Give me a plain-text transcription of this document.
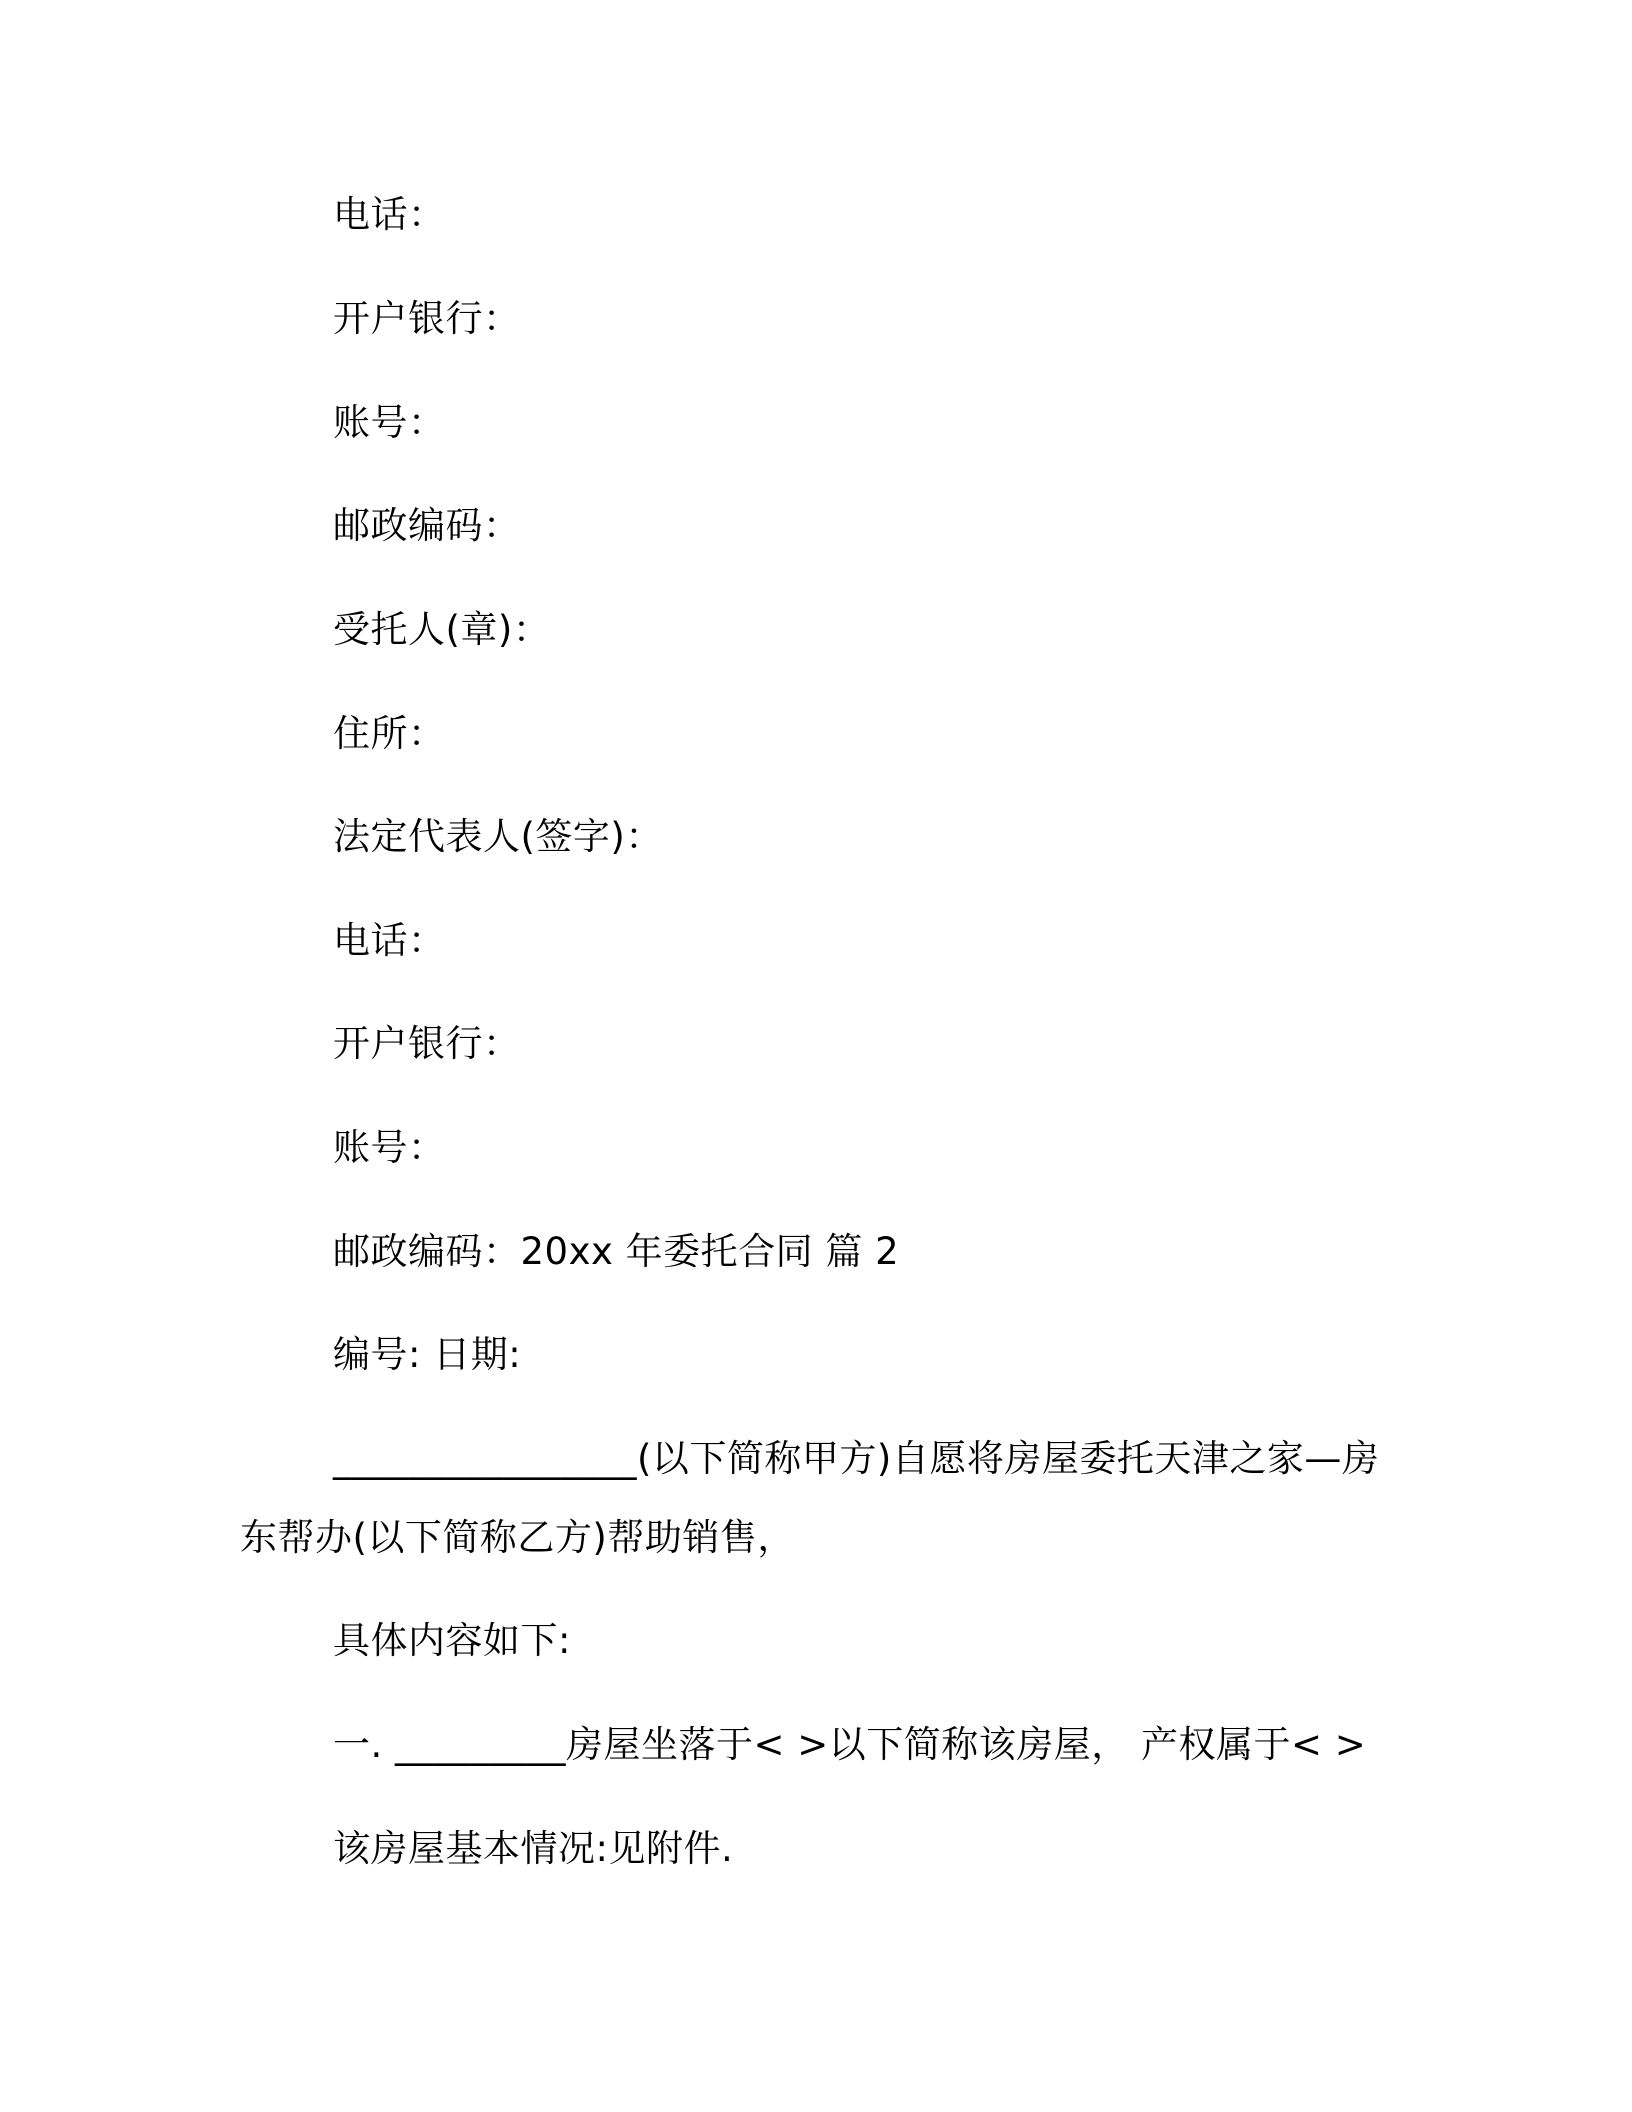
电话：
开户银行：
账号：
邮政编码：
受托人(章)：
住所：
法定代表人(签字)：
电话：
开户银行：
账号：
邮政编码：20xx 年委托合同 篇 2
编号: 日期:
________________(以下简称甲方)自愿将房屋委托天津之家—房
东帮办(以下简称乙方)帮助销售，
具体内容如下:
一. _________房屋坐落于< >以下简称该房屋， 产权属于< >
该房屋基本情况:见附件.
